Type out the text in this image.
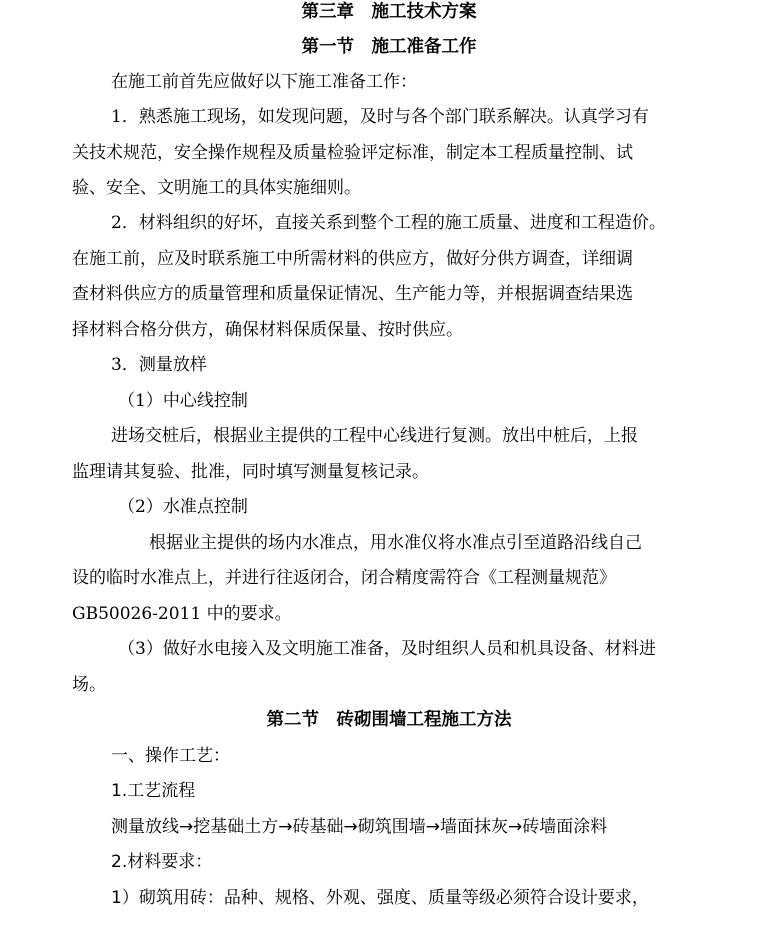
第三章　施工技术方案
第一节　施工准备工作
在施工前首先应做好以下施工准备工作：
1．熟悉施工现场，如发现问题，及时与各个部门联系解决。认真学习有
关技术规范，安全操作规程及质量检验评定标准，制定本工程质量控制、试
验、安全、文明施工的具体实施细则。
2．材料组织的好坏，直接关系到整个工程的施工质量、进度和工程造价。
在施工前，应及时联系施工中所需材料的供应方，做好分供方调查，详细调
查材料供应方的质量管理和质量保证情况、生产能力等，并根据调查结果选
择材料合格分供方，确保材料保质保量、按时供应。
3．测量放样
（1）中心线控制
进场交桩后，根据业主提供的工程中心线进行复测。放出中桩后，上报
监理请其复验、批准，同时填写测量复核记录。
（2）水准点控制
根据业主提供的场内水准点，用水准仪将水准点引至道路沿线自己
设的临时水准点上，并进行往返闭合，闭合精度需符合《工程测量规范》
GB50026-2011 中的要求。
（3）做好水电接入及文明施工准备，及时组织人员和机具设备、材料进
场。
第二节　砖砌围墙工程施工方法
一、操作工艺：
1.工艺流程
测量放线→挖基础土方→砖基础→砌筑围墙→墙面抹灰→砖墙面涂料
2.材料要求：
1）砌筑用砖：品种、规格、外观、强度、质量等级必须符合设计要求，
